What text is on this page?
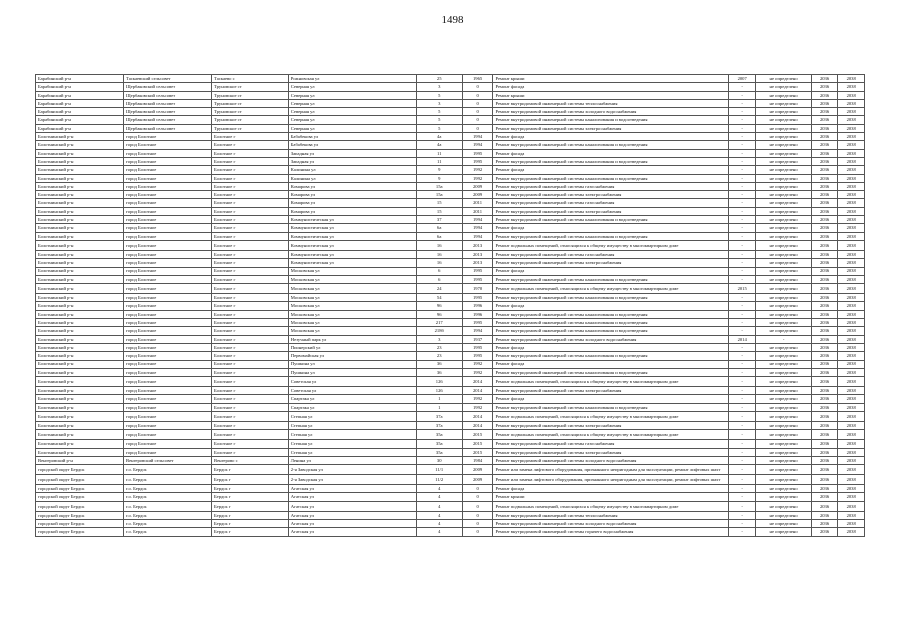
1498
Барабинский р-н	Таскаевский сельсовет	Таскаево с	Рожновская ул	25	1965	Ремонт крыши	2007	не определено	2036	2038
Барабинский р-н	Щербаковский сельсовет	Труновское ст	Северная ул	3	0	Ремонт фасада	-	не определено	2036	2038
Барабинский р-н	Щербаковский сельсовет	Труновское ст	Северная ул	5	0	Ремонт крыши	-	не определено	2036	2038
Барабинский р-н	Щербаковский сельсовет	Труновское ст	Северная ул	3	0	Ремонт внутридомовой инженерной системы теплоснабжения	-	не определено	2036	2038
Барабинский р-н	Щербаковский сельсовет	Труновское ст	Северная ул	5	0	Ремонт внутридомовой инженерной системы холодного водоснабжения	-	не определено	2036	2038
Барабинский р-н	Щербаковский сельсовет	Труновское ст	Северная ул	5	0	Ремонт внутридомовой инженерной системы канализования и водоотведения	-	не определено	2036	2038
Барабинский р-н	Щербаковский сельсовет	Труновское ст	Северная ул	5	0	Ремонт внутридомовой инженерной системы электроснабжения	-	не определено	2036	2038
Болотнинский р-н	город Болотное	Болотное г	Бабабекова ул	4а	1994	Ремонт фасада	-	не определено	2036	2038
Болотнинский р-н	город Болотное	Болотное г	Бабабекова ул	4а	1994	Ремонт внутридомовой инженерной системы канализования и водоотведения	-	не определено	2036	2038
Болотнинский р-н	город Болотное	Болотное г	Западная ул	11	1995	Ремонт фасада	-	не определено	2036	2038
Болотнинский р-н	город Болотное	Болотное г	Западная ул	11	1995	Ремонт внутридомовой инженерной системы канализования и водоотведения	-	не определено	2036	2038
Болотнинский р-н	город Болотное	Болотное г	Калинина ул	9	1992	Ремонт фасада	-	не определено	2036	2038
Болотнинский р-н	город Болотное	Болотное г	Калинина ул	9	1992	Ремонт внутридомовой инженерной системы канализования и водоотведения	-	не определено	2036	2038
Болотнинский р-н	город Болотное	Болотное г	Комарова ул	15а	2009	Ремонт внутридомовой инженерной системы газоснабжения	-	не определено	2036	2038
Болотнинский р-н	город Болотное	Болотное г	Комарова ул	15а	2009	Ремонт внутридомовой инженерной системы электроснабжения	-	не определено	2036	2038
Болотнинский р-н	город Болотное	Болотное г	Комарова ул	15	2011	Ремонт внутридомовой инженерной системы газоснабжения	-	не определено	2036	2038
Болотнинский р-н	город Болотное	Болотное г	Комарова ул	15	2011	Ремонт внутридомовой инженерной системы электроснабжения	-	не определено	2036	2038
Болотнинский р-н	город Болотное	Болотное г	Коммунистическая ул	37	1994	Ремонт внутридомовой инженерной системы канализования и водоотведения	-	не определено	2036	2038
Болотнинский р-н	город Болотное	Болотное г	Коммунистическая ул	6а	1994	Ремонт фасада	-	не определено	2036	2038
Болотнинский р-н	город Болотное	Болотное г	Коммунистическая ул	6а	1994	Ремонт внутридомовой инженерной системы канализования и водоотведения	-	не определено	2036	2038
Болотнинский р-н	город Болотное	Болотное г	Коммунистическая ул	16	2013	Ремонт подвальных помещений, относящихся к общему имуществу в многоквартирном доме	-	не определено	2036	2038
Болотнинский р-н	город Болотное	Болотное г	Коммунистическая ул	16	2013	Ремонт внутридомовой инженерной системы газоснабжения	-	не определено	2036	2038
Болотнинский р-н	город Болотное	Болотное г	Коммунистическая ул	16	2013	Ремонт внутридомовой инженерной системы электроснабжения	-	не определено	2036	2038
Болотнинский р-н	город Болотное	Болотное г	Московская ул	6	1995	Ремонт фасада	-	не определено	2036	2038
Болотнинский р-н	город Болотное	Болотное г	Московская ул	6	1995	Ремонт внутридомовой инженерной системы канализования и водоотведения	-	не определено	2036	2038
Болотнинский р-н	город Болотное	Болотное г	Московская ул	24	1970	Ремонт подвальных помещений, относящихся к общему имуществу в многоквартирном доме	2015	не определено	2036	2038
Болотнинский р-н	город Болотное	Болотное г	Московская ул	54	1995	Ремонт внутридомовой инженерной системы канализования и водоотведения	-	не определено	2036	2038
Болотнинский р-н	город Болотное	Болотное г	Московская ул	96	1996	Ремонт фасада	-	не определено	2036	2038
Болотнинский р-н	город Болотное	Болотное г	Московская ул	96	1996	Ремонт внутридомовой инженерной системы канализования и водоотведения	-	не определено	2036	2038
Болотнинский р-н	город Болотное	Болотное г	Московская ул	217	1995	Ремонт внутридомовой инженерной системы канализования и водоотведения	-	не определено	2036	2038
Болотнинский р-н	город Болотное	Болотное г	Московская ул	218б	1994	Ремонт внутридомовой инженерной системы канализования и водоотведения	-	не определено	2036	2038
Болотнинский р-н	город Болотное	Болотное г	Незучный парк ул	3	1937	Ремонт внутридомовой инженерной системы холодного водоснабжения	2014	-	2036	2038
Болотнинский р-н	город Болотное	Болотное г	Пионерский ул	23	1995	Ремонт фасада	-	не определено	2036	2038
Болотнинский р-н	город Болотное	Болотное г	Первомайская ул	23	1995	Ремонт внутридомовой инженерной системы канализования и водоотведения	-	не определено	2036	2038
Болотнинский р-н	город Болотное	Болотное г	Пушкина ул	36	1992	Ремонт фасада	-	не определено	2036	2038
Болотнинский р-н	город Болотное	Болотное г	Пушкина ул	36	1992	Ремонт внутридомовой инженерной системы канализования и водоотведения	-	не определено	2036	2038
Болотнинский р-н	город Болотное	Болотное г	Советская ул	126	2014	Ремонт подвальных помещений, относящихся к общему имуществу в многоквартирном доме	-	не определено	2036	2038
Болотнинский р-н	город Болотное	Болотное г	Советская ул	126	2014	Ремонт внутридомовой инженерной системы электроснабжения	-	не определено	2036	2038
Болотнинский р-н	город Болотное	Болотное г	Спартака ул	1	1992	Ремонт фасада	-	не определено	2036	2038
Болотнинский р-н	город Болотное	Болотное г	Спартака ул	1	1992	Ремонт внутридомовой инженерной системы канализования и водоотведения	-	не определено	2036	2038
Болотнинский р-н	город Болотное	Болотное г	Степная ул	37а	2014	Ремонт подвальных помещений, относящихся к общему имуществу в многоквартирном доме	-	не определено	2036	2038
Болотнинский р-н	город Болотное	Болотное г	Степная ул	37а	2014	Ремонт внутридомовой инженерной системы электроснабжения	-	не определено	2036	2038
Болотнинский р-н	город Болотное	Болотное г	Степная ул	35а	2015	Ремонт подвальных помещений, относящихся к общему имуществу в многоквартирном доме	-	не определено	2036	2038
Болотнинский р-н	город Болотное	Болотное г	Степная ул	35а	2015	Ремонт внутридомовой инженерной системы газоснабжения	-	не определено	2036	2038
Болотнинский р-н	город Болотное	Болотное г	Степная ул	35а	2015	Ремонт внутридомовой инженерной системы электроснабжения	-	не определено	2036	2038
Венгеровский р-н	Венгеровский сельсовет	Венгерово с	Ленина ул	30	1984	Ремонт внутридомовой инженерной системы холодного водоснабжения	-	не определено	2036	2038
городской округ Бердск	г.о. Бердск	Бердск г	2-я Заводская ул	11/1	2009	Ремонт или замена лифтового оборудования, признанного непригодным для эксплуатации, ремонт лифтовых шахт	-	не определено	2036	2038
городской округ Бердск	г.о. Бердск	Бердск г	2-я Заводская ул	11/2	2009	Ремонт или замена лифтового оборудования, признанного непригодным для эксплуатации, ремонт лифтовых шахт	-	не определено	2036	2038
городской округ Бердск	г.о. Бердск	Бердск г	Агатская ул	4	0	Ремонт фасада	-	не определено	2036	2038
городской округ Бердск	г.о. Бердск	Бердск г	Агатская ул	4	0	Ремонт крыши	-	не определено	2036	2038
городской округ Бердск	г.о. Бердск	Бердск г	Агатская ул	4	0	Ремонт подвальных помещений, относящихся к общему имуществу в многоквартирном доме	-	не определено	2036	2038
городской округ Бердск	г.о. Бердск	Бердск г	Агатская ул	4	0	Ремонт внутридомовой инженерной системы теплоснабжения	-	не определено	2036	2038
городской округ Бердск	г.о. Бердск	Бердск г	Агатская ул	4	0	Ремонт внутридомовой инженерной системы холодного водоснабжения	-	не определено	2036	2038
городской округ Бердск	г.о. Бердск	Бердск г	Агатская ул	4	0	Ремонт внутридомовой инженерной системы горячего водоснабжения	-	не определено	2036	2038
